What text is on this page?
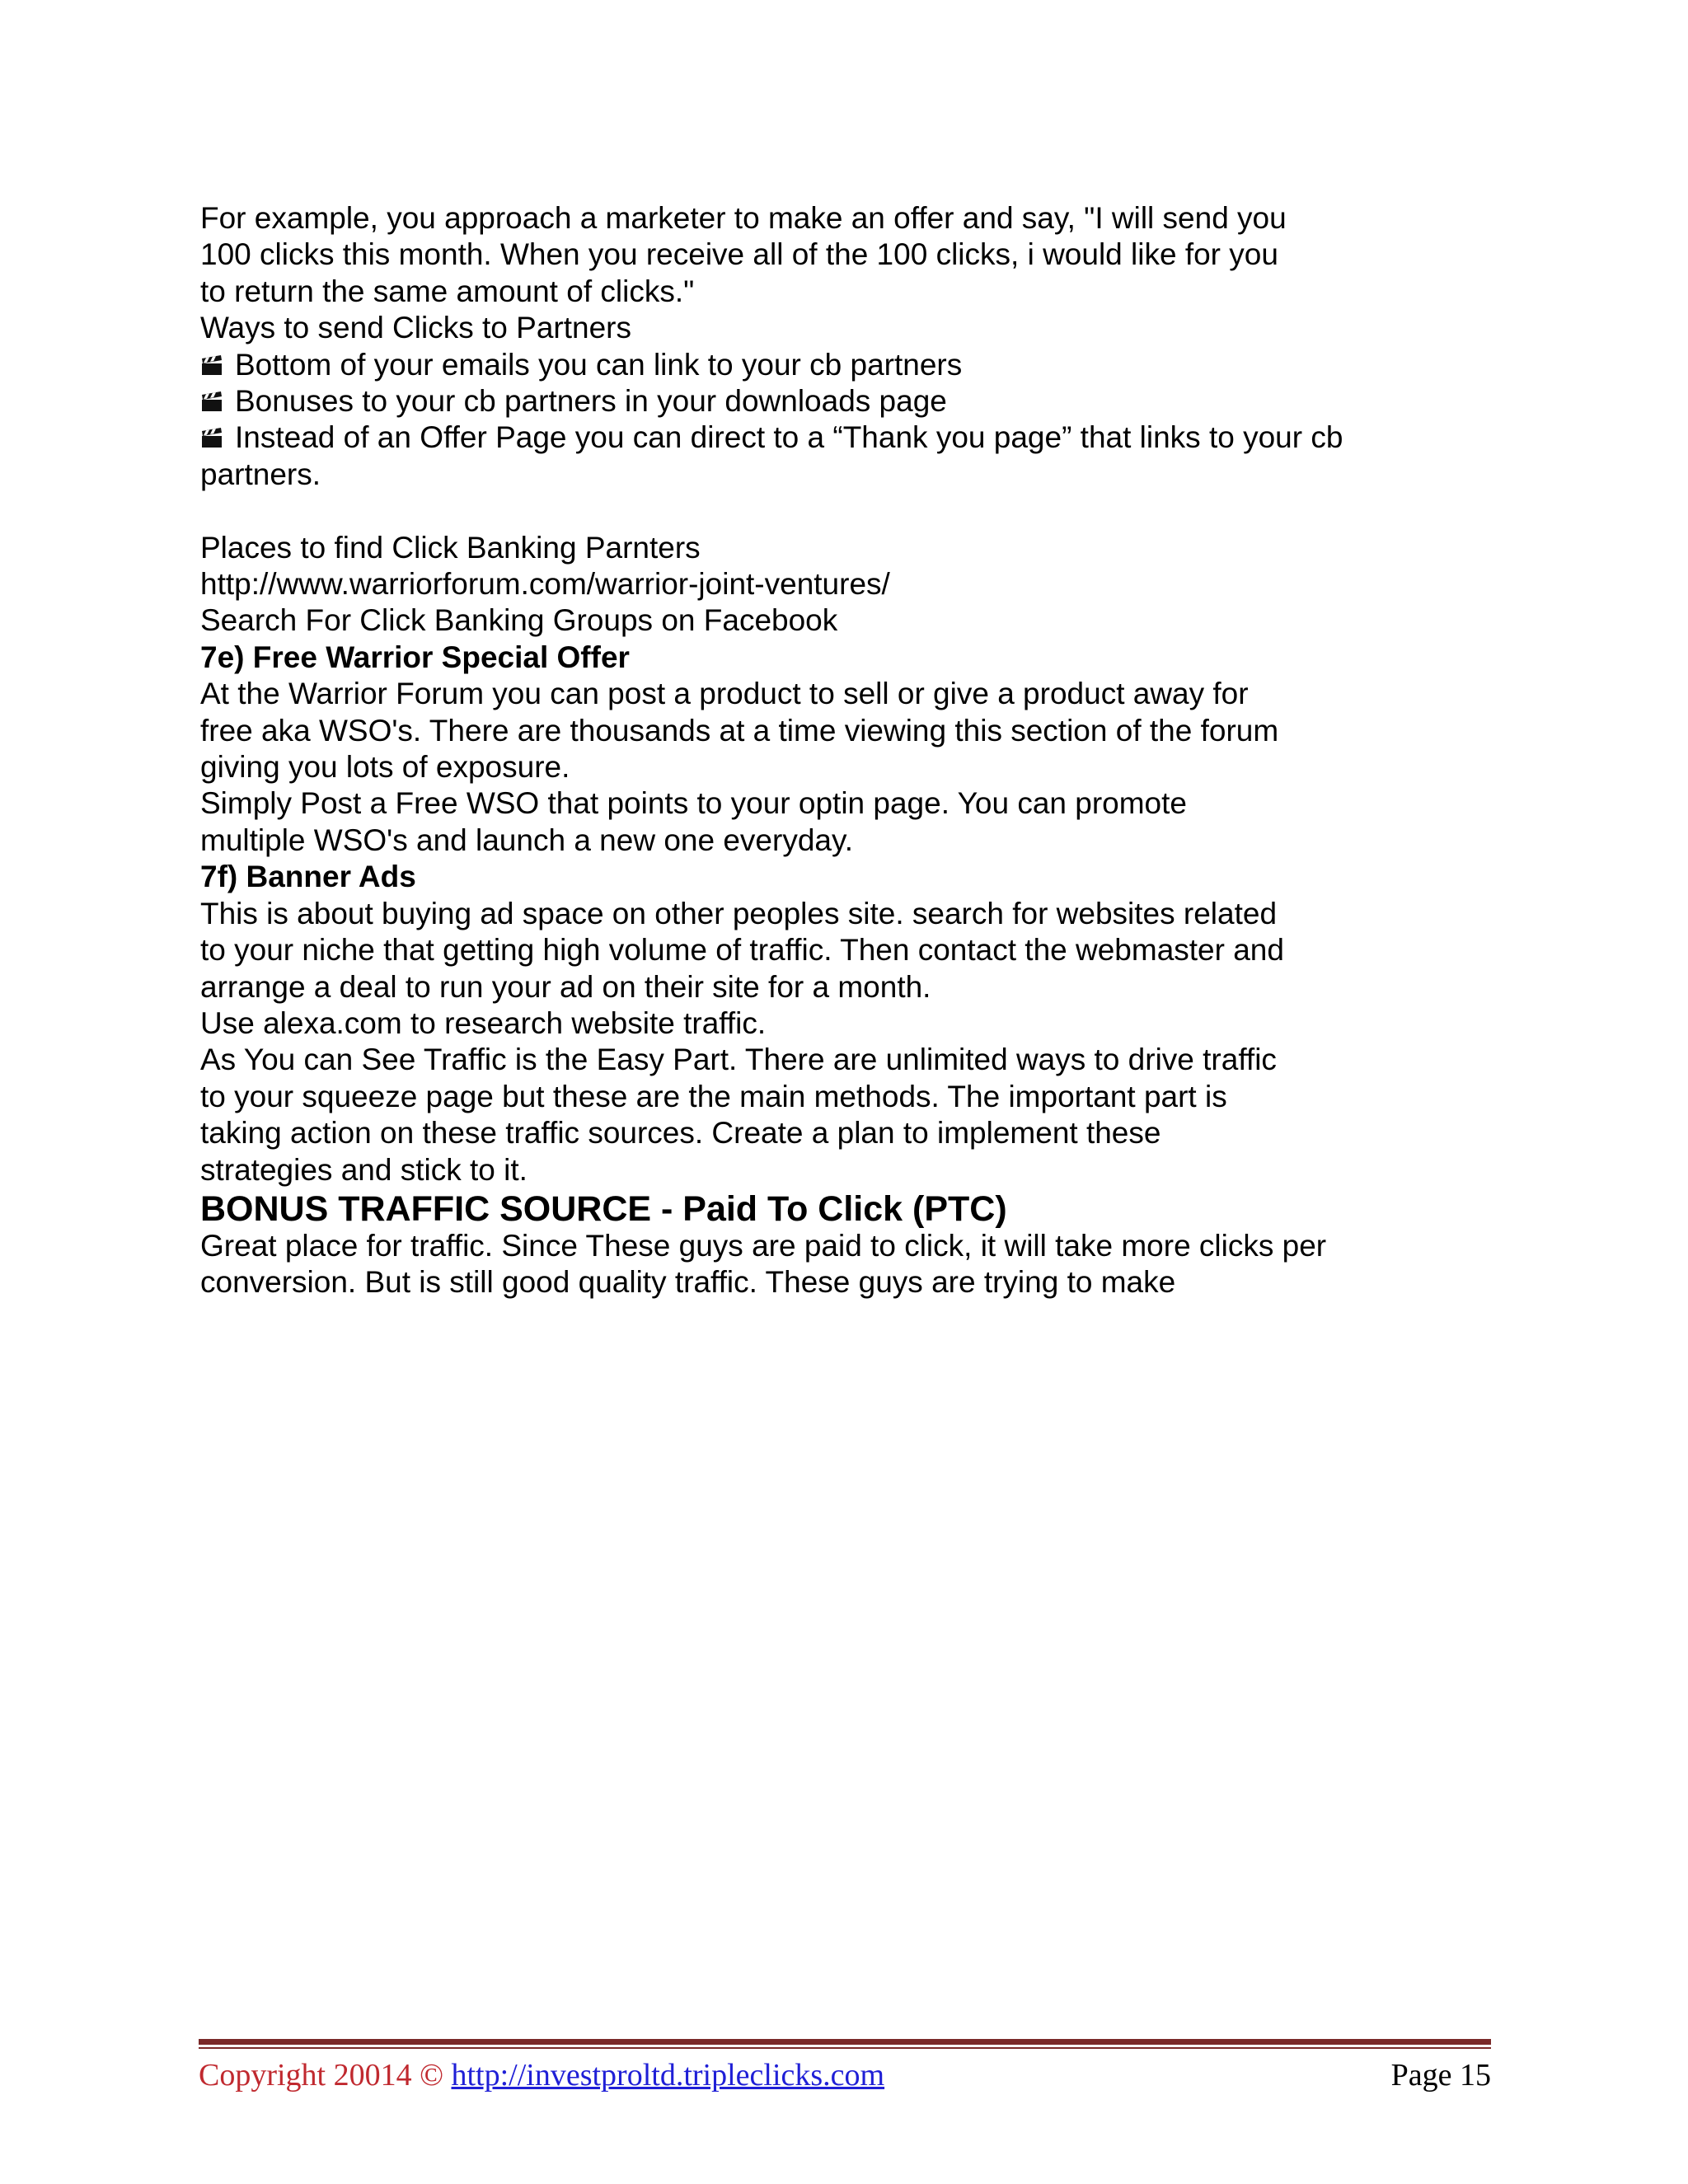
For example, you approach a marketer to make an offer and say, "I will send you
100 clicks this month. When you receive all of the 100 clicks, i would like for you
to return the same amount of clicks."
Ways to send Clicks to Partners
Bottom of your emails you can link to your cb partners
Bonuses to your cb partners in your downloads page
Instead of an Offer Page you can direct to a “Thank you page” that links to your cb
partners.
Places to find Click Banking Parnters
http://www.warriorforum.com/warrior-joint-ventures/
Search For Click Banking Groups on Facebook
7e) Free Warrior Special Offer
At the Warrior Forum you can post a product to sell or give a product away for
free aka WSO's. There are thousands at a time viewing this section of the forum
giving you lots of exposure.
Simply Post a Free WSO that points to your optin page. You can promote
multiple WSO's and launch a new one everyday.
7f) Banner Ads
This is about buying ad space on other peoples site. search for websites related
to your niche that getting high volume of traffic. Then contact the webmaster and
arrange a deal to run your ad on their site for a month.
Use alexa.com to research website traffic.
As You can See Traffic is the Easy Part. There are unlimited ways to drive traffic
to your squeeze page but these are the main methods. The important part is
taking action on these traffic sources. Create a plan to implement these
strategies and stick to it.
BONUS TRAFFIC SOURCE - Paid To Click (PTC)
Great place for traffic. Since These guys are paid to click, it will take more clicks per
conversion. But is still good quality traffic. These guys are trying to make
Copyright 20014 © http://investproltd.tripleclicks.com	Page 15
